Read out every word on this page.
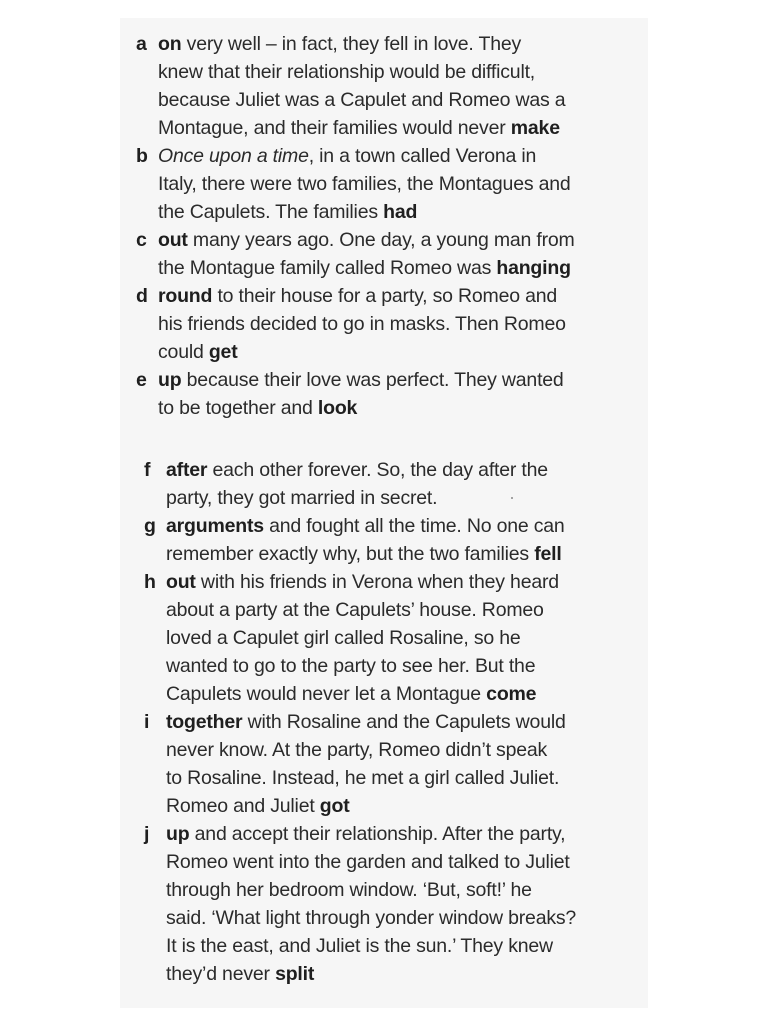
a on very well – in fact, they fell in love. They
knew that their relationship would be difficult,
because Juliet was a Capulet and Romeo was a
Montague, and their families would never make
b Once upon a time, in a town called Verona in
Italy, there were two families, the Montagues and
the Capulets. The families had
c out many years ago. One day, a young man from
the Montague family called Romeo was hanging
d round to their house for a party, so Romeo and
his friends decided to go in masks. Then Romeo
could get
e up because their love was perfect. They wanted
to be together and look
f after each other forever. So, the day after the
party, they got married in secret.
g arguments and fought all the time. No one can
remember exactly why, but the two families fell
h out with his friends in Verona when they heard
about a party at the Capulets’ house. Romeo
loved a Capulet girl called Rosaline, so he
wanted to go to the party to see her. But the
Capulets would never let a Montague come
i together with Rosaline and the Capulets would
never know. At the party, Romeo didn’t speak
to Rosaline. Instead, he met a girl called Juliet.
Romeo and Juliet got
j up and accept their relationship. After the party,
Romeo went into the garden and talked to Juliet
through her bedroom window. ‘But, soft!’ he
said. ‘What light through yonder window breaks?
It is the east, and Juliet is the sun.’ They knew
they’d never split
